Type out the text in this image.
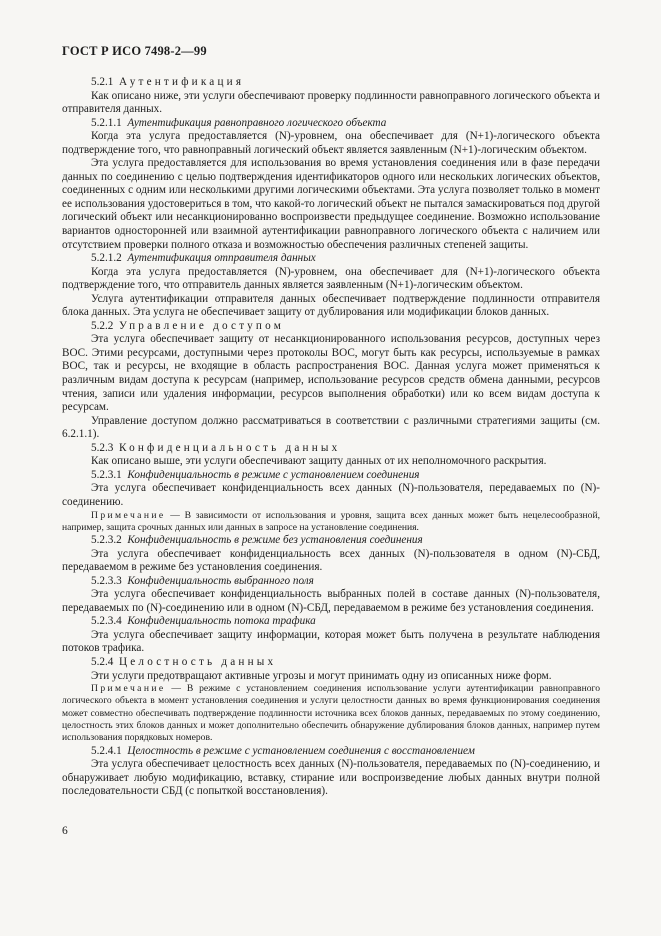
ГОСТ Р ИСО 7498-2—99
5.2.1  Аутентификация

Как описано ниже, эти услуги обеспечивают проверку подлинности равноправного логического объекта и отправителя данных.

5.2.1.1  Аутентификация равноправного логического объекта

Когда эта услуга предоставляется (N)-уровнем, она обеспечивает для (N+1)-логического объекта подтверждение того, что равноправный логический объект является заявленным (N+1)-логическим объектом.

Эта услуга предоставляется для использования во время установления соединения или в фазе передачи данных по соединению с целью подтверждения идентификаторов одного или нескольких логических объектов, соединенных с одним или несколькими другими логическими объектами. Эта услуга позволяет только в момент ее использования удостовериться в том, что какой-то логический объект не пытался замаскироваться под другой логический объект или несанкционированно воспроизвести предыдущее соединение. Возможно использование вариантов односторонней или взаимной аутентификации равноправного логического объекта с наличием или отсутствием проверки полного отказа и возможностью обеспечения различных степеней защиты.

5.2.1.2  Аутентификация отправителя данных

Когда эта услуга предоставляется (N)-уровнем, она обеспечивает для (N+1)-логического объекта подтверждение того, что отправитель данных является заявленным (N+1)-логическим объектом.

Услуга аутентификации отправителя данных обеспечивает подтверждение подлинности отправителя блока данных. Эта услуга не обеспечивает защиту от дублирования или модификации блоков данных.

5.2.2  Управление доступом

Эта услуга обеспечивает защиту от несанкционированного использования ресурсов, доступных через ВОС. Этими ресурсами, доступными через протоколы ВОС, могут быть как ресурсы, используемые в рамках ВОС, так и ресурсы, не входящие в область распространения ВОС. Данная услуга может применяться к различным видам доступа к ресурсам (например, использование ресурсов средств обмена данными, ресурсов чтения, записи или удаления информации, ресурсов выполнения обработки) или ко всем видам доступа к ресурсам.

Управление доступом должно рассматриваться в соответствии с различными стратегиями защиты (см. 6.2.1.1).

5.2.3  Конфиденциальность данных

Как описано выше, эти услуги обеспечивают защиту данных от их неполномочного раскрытия.

5.2.3.1  Конфиденциальность в режиме с установлением соединения

Эта услуга обеспечивает конфиденциальность всех данных (N)-пользователя, передаваемых по (N)-соединению.

Примечание — В зависимости от использования и уровня, защита всех данных может быть нецелесообразной, например, защита срочных данных или данных в запросе на установление соединения.

5.2.3.2  Конфиденциальность в режиме без установления соединения

Эта услуга обеспечивает конфиденциальность всех данных (N)-пользователя в одном (N)-СБД, передаваемом в режиме без установления соединения.

5.2.3.3  Конфиденциальность выбранного поля

Эта услуга обеспечивает конфиденциальность выбранных полей в составе данных (N)-пользователя, передаваемых по (N)-соединению или в одном (N)-СБД, передаваемом в режиме без установления соединения.

5.2.3.4  Конфиденциальность потока трафика

Эта услуга обеспечивает защиту информации, которая может быть получена в результате наблюдения потоков трафика.

5.2.4  Целостность данных

Эти услуги предотвращают активные угрозы и могут принимать одну из описанных ниже форм.

Примечание — В режиме с установлением соединения использование услуги аутентификации равноправного логического объекта в момент установления соединения и услуги целостности данных во время функционирования соединения может совместно обеспечивать подтверждение подлинности источника всех блоков данных, передаваемых по этому соединению, целостность этих блоков данных и может дополнительно обеспечить обнаружение дублирования блоков данных, например путем использования порядковых номеров.

5.2.4.1  Целостность в режиме с установлением соединения с восстановлением

Эта услуга обеспечивает целостность всех данных (N)-пользователя, передаваемых по (N)-соединению, и обнаруживает любую модификацию, вставку, стирание или воспроизведение любых данных внутри полной последовательности СБД (с попыткой восстановления).

6
